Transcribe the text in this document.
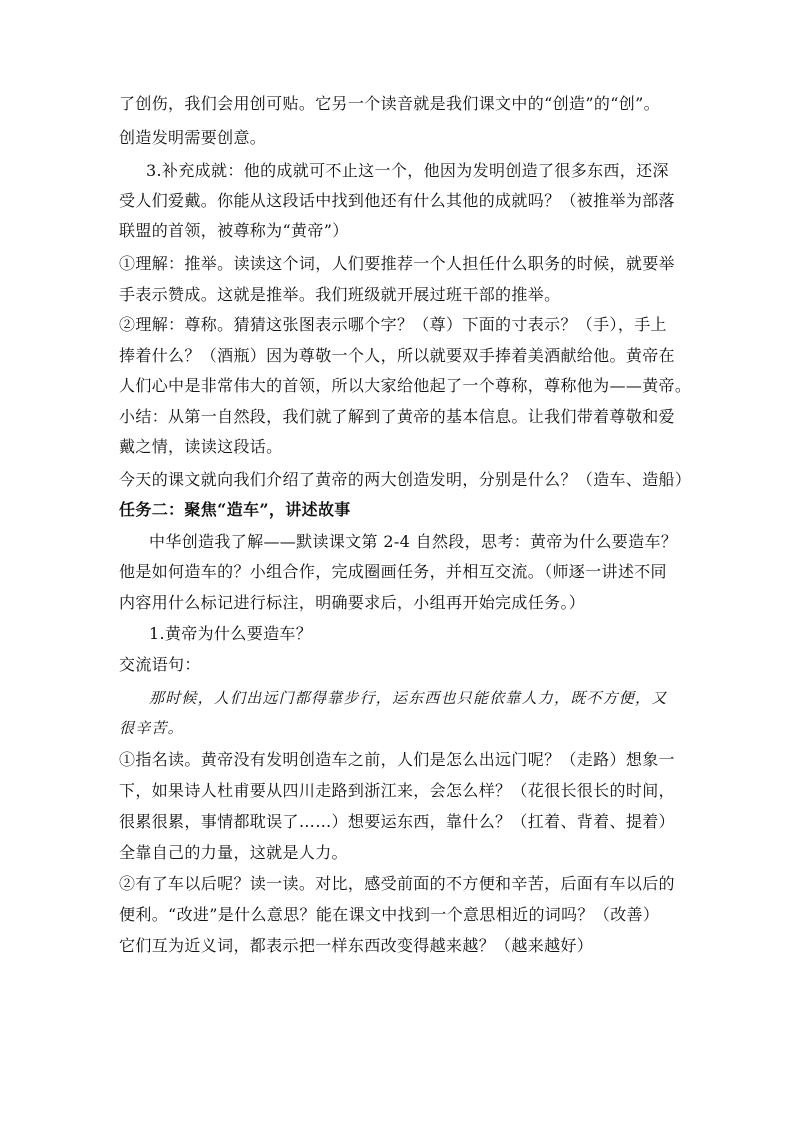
了创伤，我们会用创可贴。它另一个读音就是我们课文中的“创造”的“创”。
创造发明需要创意。
3.补充成就：他的成就可不止这一个，他因为发明创造了很多东西，还深
受人们爱戴。你能从这段话中找到他还有什么其他的成就吗？（被推举为部落
联盟的首领，被尊称为“黄帝”）
①理解：推举。读读这个词，人们要推荐一个人担任什么职务的时候，就要举
手表示赞成。这就是推举。我们班级就开展过班干部的推举。
②理解：尊称。猜猜这张图表示哪个字？（尊）下面的寸表示？（手），手上
捧着什么？（酒瓶）因为尊敬一个人，所以就要双手捧着美酒献给他。黄帝在
人们心中是非常伟大的首领，所以大家给他起了一个尊称，尊称他为——黄帝。
小结：从第一自然段，我们就了解到了黄帝的基本信息。让我们带着尊敬和爱
戴之情，读读这段话。
今天的课文就向我们介绍了黄帝的两大创造发明，分别是什么？（造车、造船）
任务二：聚焦“造车”，讲述故事
中华创造我了解——默读课文第 2-4 自然段，思考：黄帝为什么要造车？
他是如何造车的？小组合作，完成圈画任务，并相互交流。（师逐一讲述不同
内容用什么标记进行标注，明确要求后，小组再开始完成任务。）
1.黄帝为什么要造车？
交流语句：
那时候，人们出远门都得靠步行，运东西也只能依靠人力，既不方便，又
很辛苦。
①指名读。黄帝没有发明创造车之前，人们是怎么出远门呢？（走路）想象一
下，如果诗人杜甫要从四川走路到浙江来，会怎么样？（花很长很长的时间，
很累很累，事情都耽误了……）想要运东西，靠什么？（扛着、背着、提着）
全靠自己的力量，这就是人力。
②有了车以后呢？读一读。对比，感受前面的不方便和辛苦，后面有车以后的
便利。“改进”是什么意思？能在课文中找到一个意思相近的词吗？（改善）
它们互为近义词，都表示把一样东西改变得越来越？（越来越好）
